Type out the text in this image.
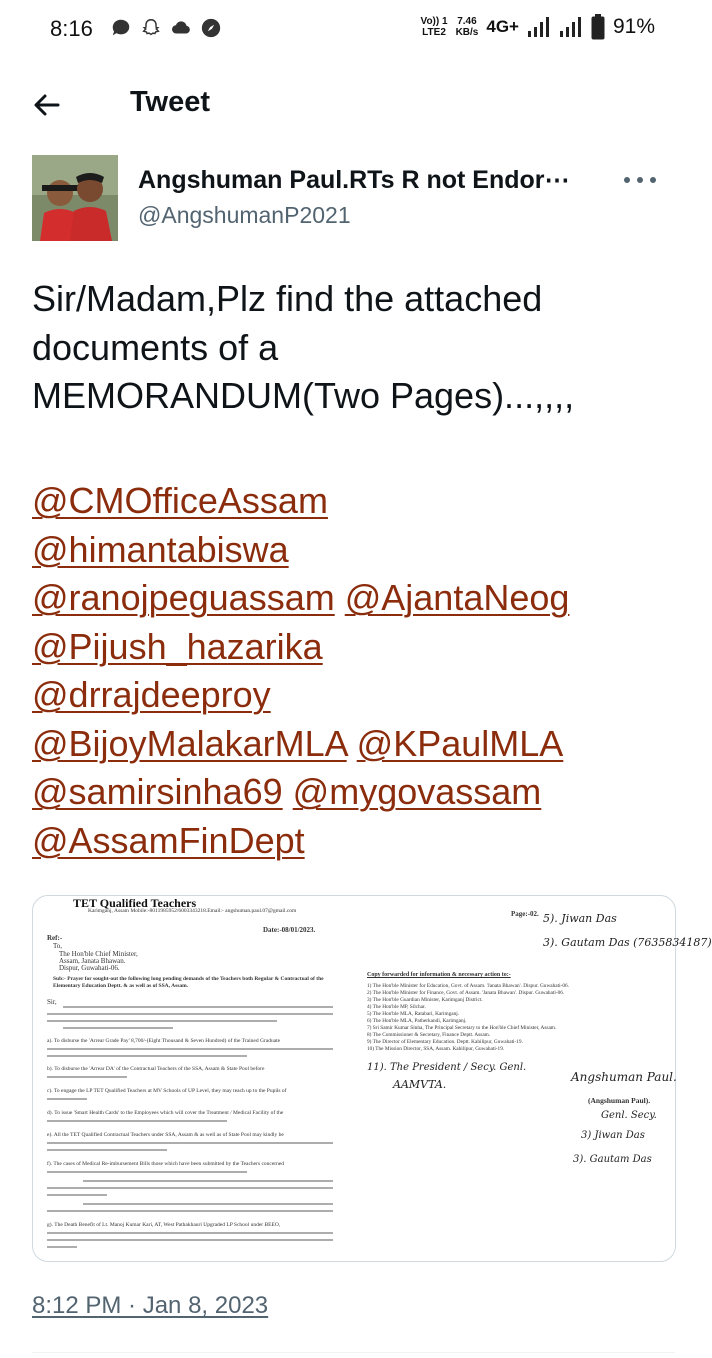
8:16	Vo)) 1
LTE2
7.46
KB/s 4G+	91%
Tweet
Angshuman Paul.RTs R not Endor⋯
@AngshumanP2021

Sir/Madam,Plz find the attached

documents of a

MEMORANDUM(Two Pages)...,,,,

@CMOfficeAssam
@himantabiswa
@ranojpeguassam @AjantaNeog
@Pijush_hazarika
@drrajdeeproy
@BijoyMalakarMLA @KPaulMLA
@samirsinha69 @mygovassam
@AssamFinDept
TET Qualified Teachers
Karimganj, Assam Mobile:-8011985952/6003343218.Email:- angshuman.paul.07@gmail.com
Date:-08/01/2023.
Ref:-
To,
The Hon'ble Chief Minister,
Assam, Janata Bhawan.
Dispur, Guwahati-06.
Sub:- Prayer for sought-out the following long pending demands of the Teachers both Regular & Contractual of the Elementary Education Deptt. & as well as of SSA, Assam.
Sir,
a). To disburse the 'Arrear Grade Pay' 8,700/-(Eight Thousand & Seven Hundred) of the Trained Graduate
b). To disburse the 'Arrear DA' of the Contractual Teachers of the SSA, Assam & State Pool before
c). To engage the LP TET Qualified Teachers at MV Schools of UP Level, they may teach up to the Pupils of
d). To issue 'Smart Health Cards' to the Employees which will cover the Treatment / Medical Facility of the
e). All the TET Qualified Contractual Teachers under SSA, Assam & as well as of State Pool may kindly be
f). The cases of Medical Re-imbursement Bills those which have been submitted by the Teachers concerned
g). The Death Benefit of Lt. Manoj Kumar Kari, AT, West Pathakhauri Upgraded LP School under BEEO,
Page:-02. 5). Jiwan Das
3). Gautam Das (7635834187)
Copy forwarded for information & necessary action to:-
1) The Hon'ble Minister for Education, Govt. of Assam. 'Janata Bhawan'. Dispur. Guwahati-06.
2) The Hon'ble Minister for Finance, Govt. of Assam. 'Janata Bhawan'. Dispur. Guwahati-06.
3) The Hon'ble Guardian Minister, Karimganj District.
4) The Hon'ble MP, Silchar.
5) The Hon'ble MLA, Ratabari, Karimganj.
6) The Hon'ble MLA, Patherkandi, Karimganj.
7) Sri Samir Kumar Sinha, The Principal Secretary to the Hon'ble Chief Minister, Assam.
8) The Commissioner & Secretary, Finance Deptt. Assam.
9) The Director of Elementary Education. Deptt. Kahilipur, Guwahati-19.
10) The Mission Director, SSA, Assam. Kahilipur, Guwahati-19.
11). The President / Secy. Genl.
AAMVTA.
Angshuman Paul.
(Angshuman Paul).
Genl. Secy.
3) Jiwan Das
3). Gautam Das
8:12 PM · Jan 8, 2023
